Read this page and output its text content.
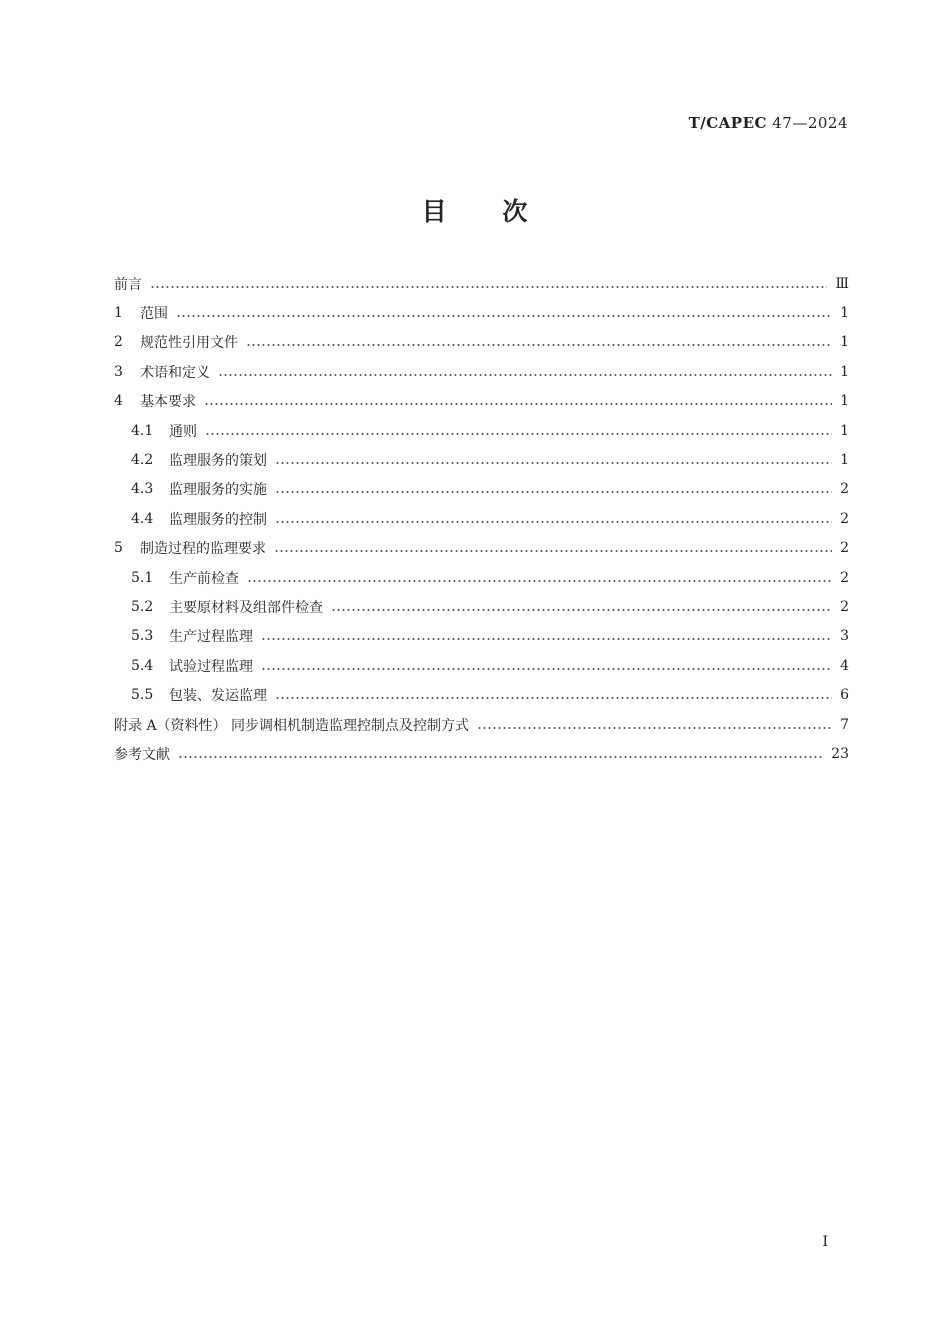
T/CAPEC 47—2024
目 次
前言	Ⅲ
1	范围	1
2	规范性引用文件	1
3	术语和定义	1
4	基本要求	1
4.1	通则	1
4.2	监理服务的策划	1
4.3	监理服务的实施	2
4.4	监理服务的控制	2
5	制造过程的监理要求	2
5.1	生产前检查	2
5.2	主要原材料及组部件检查	2
5.3	生产过程监理	3
5.4	试验过程监理	4
5.5	包装、发运监理	6
附录 A（资料性） 同步调相机制造监理控制点及控制方式	7
参考文献	23
I
